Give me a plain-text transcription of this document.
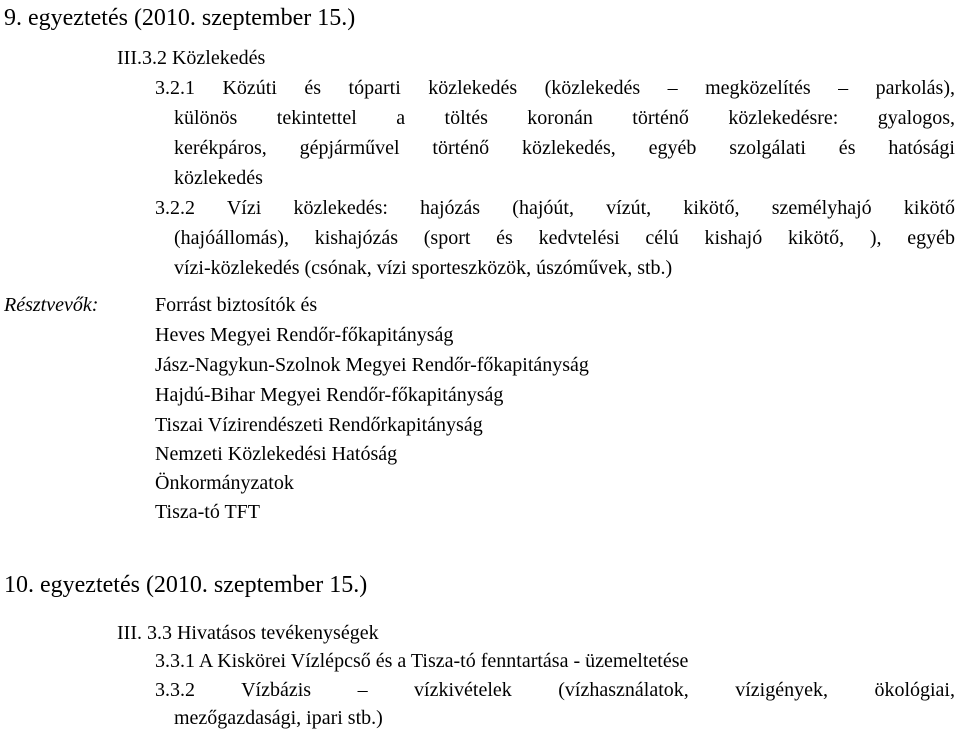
9. egyeztetés (2010. szeptember 15.)
III.3.2 Közlekedés
3.2.1 Közúti és tóparti közlekedés (közlekedés – megközelítés – parkolás),
különös tekintettel a töltés koronán történő közlekedésre: gyalogos,
kerékpáros, gépjárművel történő közlekedés, egyéb szolgálati és hatósági
közlekedés
3.2.2 Vízi közlekedés: hajózás (hajóút, vízút, kikötő, személyhajó kikötő
(hajóállomás), kishajózás (sport és kedvtelési célú kishajó kikötő, ), egyéb
vízi-közlekedés (csónak, vízi sporteszközök, úszóművek, stb.)
Résztvevők:	Forrást biztosítók és
Heves Megyei Rendőr-főkapitányság
Jász-Nagykun-Szolnok Megyei Rendőr-főkapitányság
Hajdú-Bihar Megyei Rendőr-főkapitányság
Tiszai Vízirendészeti Rendőrkapitányság
Nemzeti Közlekedési Hatóság
Önkormányzatok
Tisza-tó TFT
10. egyeztetés (2010. szeptember 15.)
III. 3.3 Hivatásos tevékenységek
3.3.1 A Kiskörei Vízlépcső és a Tisza-tó fenntartása - üzemeltetése
3.3.2 Vízbázis – vízkivételek (vízhasználatok, vízigények, ökológiai,
mezőgazdasági, ipari stb.)
